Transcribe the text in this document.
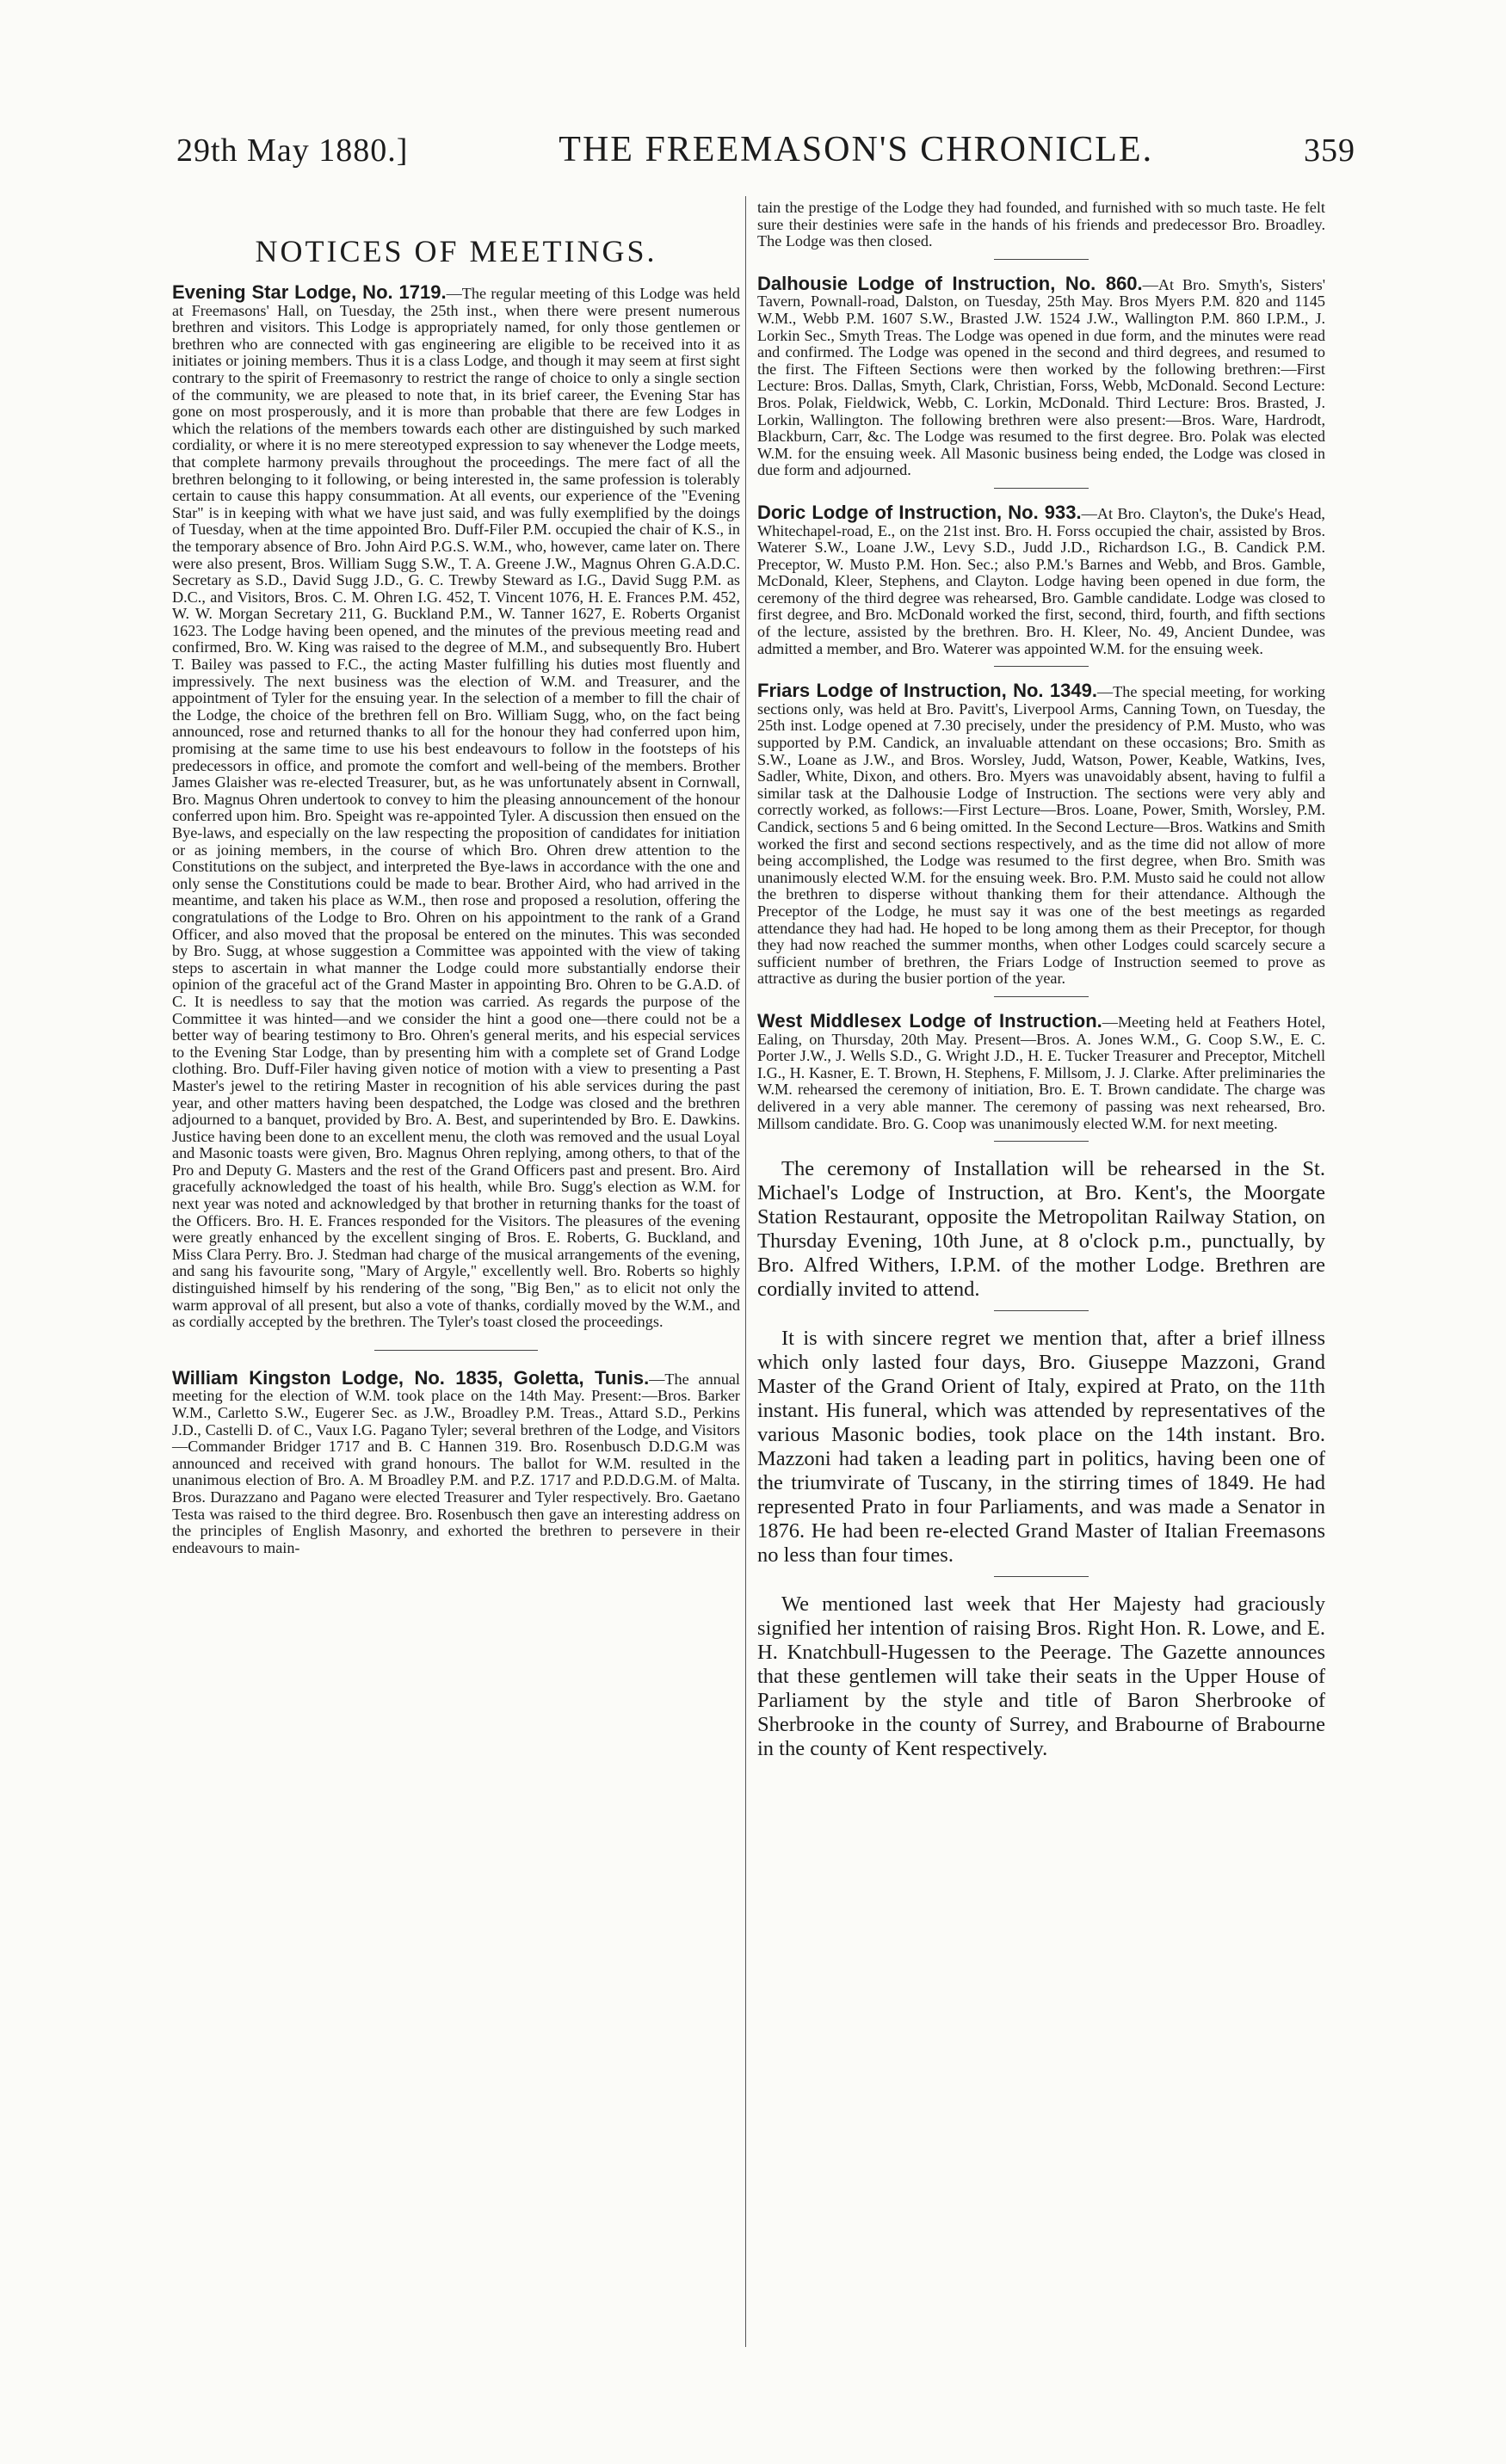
29th May 1880.]	THE FREEMASON'S CHRONICLE.	359
NOTICES OF MEETINGS.

Evening Star Lodge, No. 1719.—The regular meeting of this Lodge was held at Freemasons' Hall, on Tuesday, the 25th inst., when there were present numerous brethren and visitors. This Lodge is appropriately named, for only those gentlemen or brethren who are connected with gas engineering are eligible to be received into it as initiates or joining members. Thus it is a class Lodge, and though it may seem at first sight contrary to the spirit of Freemasonry to restrict the range of choice to only a single section of the community, we are pleased to note that, in its brief career, the Evening Star has gone on most prosperously, and it is more than probable that there are few Lodges in which the relations of the members towards each other are distinguished by such marked cordiality, or where it is no mere stereotyped expression to say whenever the Lodge meets, that complete harmony prevails throughout the proceedings. The mere fact of all the brethren belonging to it following, or being interested in, the same profession is tolerably certain to cause this happy consummation. At all events, our experience of the "Evening Star" is in keeping with what we have just said, and was fully exemplified by the doings of Tuesday, when at the time appointed Bro. Duff-Filer P.M. occupied the chair of K.S., in the temporary absence of Bro. John Aird P.G.S. W.M., who, however, came later on. There were also present, Bros. William Sugg S.W., T. A. Greene J.W., Magnus Ohren G.A.D.C. Secretary as S.D., David Sugg J.D., G. C. Trewby Steward as I.G., David Sugg P.M. as D.C., and Visitors, Bros. C. M. Ohren I.G. 452, T. Vincent 1076, H. E. Frances P.M. 452, W. W. Morgan Secretary 211, G. Buckland P.M., W. Tanner 1627, E. Roberts Organist 1623. The Lodge having been opened, and the minutes of the previous meeting read and confirmed, Bro. W. King was raised to the degree of M.M., and subsequently Bro. Hubert T. Bailey was passed to F.C., the acting Master fulfilling his duties most fluently and impressively. The next business was the election of W.M. and Treasurer, and the appointment of Tyler for the ensuing year. In the selection of a member to fill the chair of the Lodge, the choice of the brethren fell on Bro. William Sugg, who, on the fact being announced, rose and returned thanks to all for the honour they had conferred upon him, promising at the same time to use his best endeavours to follow in the footsteps of his predecessors in office, and promote the comfort and well-being of the members. Brother James Glaisher was re-elected Treasurer, but, as he was unfortunately absent in Cornwall, Bro. Magnus Ohren undertook to convey to him the pleasing announcement of the honour conferred upon him. Bro. Speight was re-appointed Tyler. A discussion then ensued on the Bye-laws, and especially on the law respecting the proposition of candidates for initiation or as joining members, in the course of which Bro. Ohren drew attention to the Constitutions on the subject, and interpreted the Bye-laws in accordance with the one and only sense the Constitutions could be made to bear. Brother Aird, who had arrived in the meantime, and taken his place as W.M., then rose and proposed a resolution, offering the congratulations of the Lodge to Bro. Ohren on his appointment to the rank of a Grand Officer, and also moved that the proposal be entered on the minutes. This was seconded by Bro. Sugg, at whose suggestion a Committee was appointed with the view of taking steps to ascertain in what manner the Lodge could more substantially endorse their opinion of the graceful act of the Grand Master in appointing Bro. Ohren to be G.A.D. of C. It is needless to say that the motion was carried. As regards the purpose of the Committee it was hinted—and we consider the hint a good one—there could not be a better way of bearing testimony to Bro. Ohren's general merits, and his especial services to the Evening Star Lodge, than by presenting him with a complete set of Grand Lodge clothing. Bro. Duff-Filer having given notice of motion with a view to presenting a Past Master's jewel to the retiring Master in recognition of his able services during the past year, and other matters having been despatched, the Lodge was closed and the brethren adjourned to a banquet, provided by Bro. A. Best, and superintended by Bro. E. Dawkins. Justice having been done to an excellent menu, the cloth was removed and the usual Loyal and Masonic toasts were given, Bro. Magnus Ohren replying, among others, to that of the Pro and Deputy G. Masters and the rest of the Grand Officers past and present. Bro. Aird gracefully acknowledged the toast of his health, while Bro. Sugg's election as W.M. for next year was noted and acknowledged by that brother in returning thanks for the toast of the Officers. Bro. H. E. Frances responded for the Visitors. The pleasures of the evening were greatly enhanced by the excellent singing of Bros. E. Roberts, G. Buckland, and Miss Clara Perry. Bro. J. Stedman had charge of the musical arrangements of the evening, and sang his favourite song, "Mary of Argyle," excellently well. Bro. Roberts so highly distinguished himself by his rendering of the song, "Big Ben," as to elicit not only the warm approval of all present, but also a vote of thanks, cordially moved by the W.M., and as cordially accepted by the brethren. The Tyler's toast closed the proceedings.

William Kingston Lodge, No. 1835, Goletta, Tunis.—The annual meeting for the election of W.M. took place on the 14th May. Present:—Bros. Barker W.M., Carletto S.W., Eugerer Sec. as J.W., Broadley P.M. Treas., Attard S.D., Perkins J.D., Castelli D. of C., Vaux I.G. Pagano Tyler; several brethren of the Lodge, and Visitors—Commander Bridger 1717 and B. C Hannen 319. Bro. Rosenbusch D.D.G.M was announced and received with grand honours. The ballot for W.M. resulted in the unanimous election of Bro. A. M Broadley P.M. and P.Z. 1717 and P.D.D.G.M. of Malta. Bros. Durazzano and Pagano were elected Treasurer and Tyler respectively. Bro. Gaetano Testa was raised to the third degree. Bro. Rosenbusch then gave an interesting address on the principles of English Masonry, and exhorted the brethren to persevere in their endeavours to main-

tain the prestige of the Lodge they had founded, and furnished with so much taste. He felt sure their destinies were safe in the hands of his friends and predecessor Bro. Broadley. The Lodge was then closed.

Dalhousie Lodge of Instruction, No. 860.—At Bro. Smyth's, Sisters' Tavern, Pownall-road, Dalston, on Tuesday, 25th May. Bros Myers P.M. 820 and 1145 W.M., Webb P.M. 1607 S.W., Brasted J.W. 1524 J.W., Wallington P.M. 860 I.P.M., J. Lorkin Sec., Smyth Treas. The Lodge was opened in due form, and the minutes were read and confirmed. The Lodge was opened in the second and third degrees, and resumed to the first. The Fifteen Sections were then worked by the following brethren:—First Lecture: Bros. Dallas, Smyth, Clark, Christian, Forss, Webb, McDonald. Second Lecture: Bros. Polak, Fieldwick, Webb, C. Lorkin, McDonald. Third Lecture: Bros. Brasted, J. Lorkin, Wallington. The following brethren were also present:—Bros. Ware, Hardrodt, Blackburn, Carr, &c. The Lodge was resumed to the first degree. Bro. Polak was elected W.M. for the ensuing week. All Masonic business being ended, the Lodge was closed in due form and adjourned.

Doric Lodge of Instruction, No. 933.—At Bro. Clayton's, the Duke's Head, Whitechapel-road, E., on the 21st inst. Bro. H. Forss occupied the chair, assisted by Bros. Waterer S.W., Loane J.W., Levy S.D., Judd J.D., Richardson I.G., B. Candick P.M. Preceptor, W. Musto P.M. Hon. Sec.; also P.M.'s Barnes and Webb, and Bros. Gamble, McDonald, Kleer, Stephens, and Clayton. Lodge having been opened in due form, the ceremony of the third degree was rehearsed, Bro. Gamble candidate. Lodge was closed to first degree, and Bro. McDonald worked the first, second, third, fourth, and fifth sections of the lecture, assisted by the brethren. Bro. H. Kleer, No. 49, Ancient Dundee, was admitted a member, and Bro. Waterer was appointed W.M. for the ensuing week.

Friars Lodge of Instruction, No. 1349.—The special meeting, for working sections only, was held at Bro. Pavitt's, Liverpool Arms, Canning Town, on Tuesday, the 25th inst. Lodge opened at 7.30 precisely, under the presidency of P.M. Musto, who was supported by P.M. Candick, an invaluable attendant on these occasions; Bro. Smith as S.W., Loane as J.W., and Bros. Worsley, Judd, Watson, Power, Keable, Watkins, Ives, Sadler, White, Dixon, and others. Bro. Myers was unavoidably absent, having to fulfil a similar task at the Dalhousie Lodge of Instruction. The sections were very ably and correctly worked, as follows:—First Lecture—Bros. Loane, Power, Smith, Worsley, P.M. Candick, sections 5 and 6 being omitted. In the Second Lecture—Bros. Watkins and Smith worked the first and second sections respectively, and as the time did not allow of more being accomplished, the Lodge was resumed to the first degree, when Bro. Smith was unanimously elected W.M. for the ensuing week. Bro. P.M. Musto said he could not allow the brethren to disperse without thanking them for their attendance. Although the Preceptor of the Lodge, he must say it was one of the best meetings as regarded attendance they had had. He hoped to be long among them as their Preceptor, for though they had now reached the summer months, when other Lodges could scarcely secure a sufficient number of brethren, the Friars Lodge of Instruction seemed to prove as attractive as during the busier portion of the year.

West Middlesex Lodge of Instruction.—Meeting held at Feathers Hotel, Ealing, on Thursday, 20th May. Present—Bros. A. Jones W.M., G. Coop S.W., E. C. Porter J.W., J. Wells S.D., G. Wright J.D., H. E. Tucker Treasurer and Preceptor, Mitchell I.G., H. Kasner, E. T. Brown, H. Stephens, F. Millsom, J. J. Clarke. After preliminaries the W.M. rehearsed the ceremony of initiation, Bro. E. T. Brown candidate. The charge was delivered in a very able manner. The ceremony of passing was next rehearsed, Bro. Millsom candidate. Bro. G. Coop was unanimously elected W.M. for next meeting.

The ceremony of Installation will be rehearsed in the St. Michael's Lodge of Instruction, at Bro. Kent's, the Moorgate Station Restaurant, opposite the Metropolitan Railway Station, on Thursday Evening, 10th June, at 8 o'clock p.m., punctually, by Bro. Alfred Withers, I.P.M. of the mother Lodge. Brethren are cordially invited to attend.

It is with sincere regret we mention that, after a brief illness which only lasted four days, Bro. Giuseppe Mazzoni, Grand Master of the Grand Orient of Italy, expired at Prato, on the 11th instant. His funeral, which was attended by representatives of the various Masonic bodies, took place on the 14th instant. Bro. Mazzoni had taken a leading part in politics, having been one of the triumvirate of Tuscany, in the stirring times of 1849. He had represented Prato in four Parliaments, and was made a Senator in 1876. He had been re-elected Grand Master of Italian Freemasons no less than four times.

We mentioned last week that Her Majesty had graciously signified her intention of raising Bros. Right Hon. R. Lowe, and E. H. Knatchbull-Hugessen to the Peerage. The Gazette announces that these gentlemen will take their seats in the Upper House of Parliament by the style and title of Baron Sherbrooke of Sherbrooke in the county of Surrey, and Brabourne of Brabourne in the county of Kent respectively.
